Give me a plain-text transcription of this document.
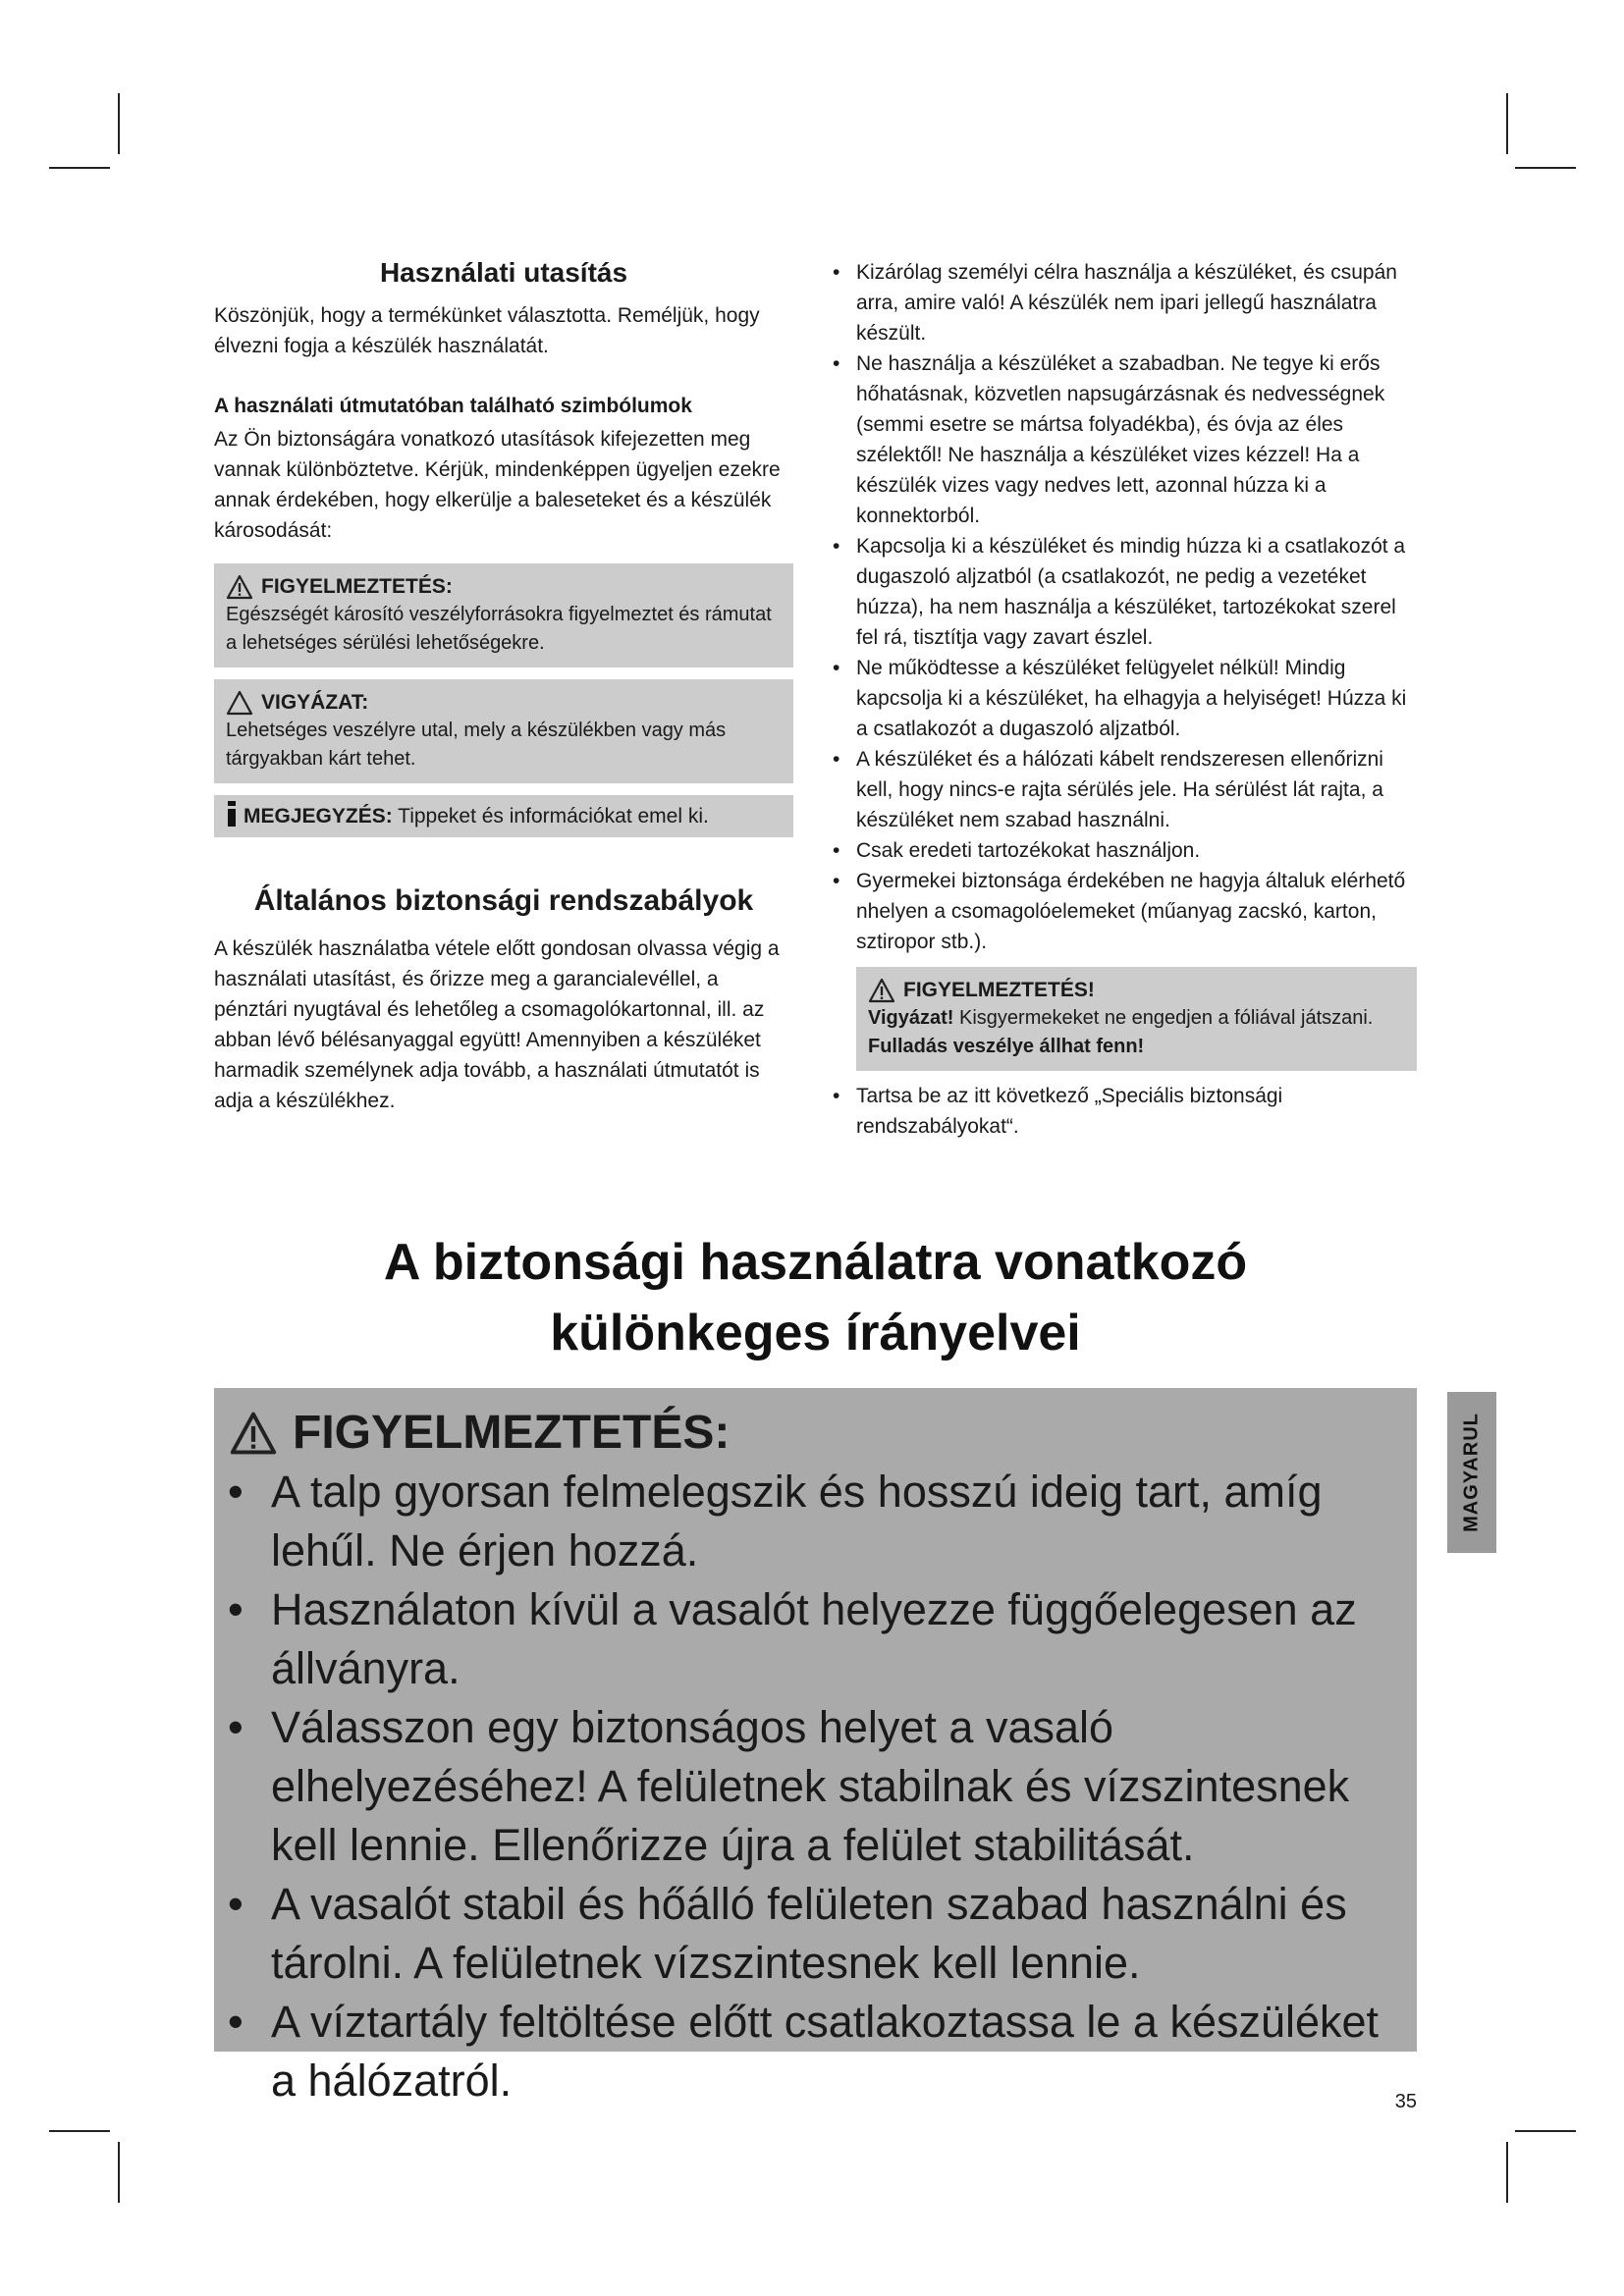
Használati utasítás

Köszönjük, hogy a termékünket választotta. Reméljük, hogy élvezni fogja a készülék használatát.

A használati útmutatóban található szimbólumok

Az Ön biztonságára vonatkozó utasítások kifejezetten meg vannak különböztetve. Kérjük, mindenképpen ügyeljen ezekre annak érdekében, hogy elkerülje a baleseteket és a készülék károsodását:

FIGYELMEZTETÉS:
Egészségét károsító veszélyforrásokra figyelmeztet és rámutat a lehetséges sérülési lehetőségekre.
VIGYÁZAT:
Lehetséges veszélyre utal, mely a készülékben vagy más tárgyakban kárt tehet.
MEGJEGYZÉS: Tippeket és információkat emel ki.
Általános biztonsági rendszabályok

A készülék használatba vétele előtt gondosan olvassa végig a használati utasítást, és őrizze meg a garancialevéllel, a pénztári nyugtával és lehetőleg a csomagolókartonnal, ill. az abban lévő bélésanyaggal együtt! Amennyiben a készüléket harmadik személynek adja tovább, a használati útmutatót is adja a készülékhez.

• Kizárólag személyi célra használja a készüléket, és csupán arra, amire való! A készülék nem ipari jellegű használatra készült.
• Ne használja a készüléket a szabadban. Ne tegye ki erős hőhatásnak, közvetlen napsugárzásnak és nedvességnek (semmi esetre se mártsa folyadékba), és óvja az éles szélektől! Ne használja a készüléket vizes kézzel! Ha a készülék vizes vagy nedves lett, azonnal húzza ki a konnektorból.
• Kapcsolja ki a készüléket és mindig húzza ki a csatlakozót a dugaszoló aljzatból (a csatlakozót, ne pedig a vezetéket húzza), ha nem használja a készüléket, tartozékokat szerel fel rá, tisztítja vagy zavart észlel.
• Ne működtesse a készüléket felügyelet nélkül! Mindig kapcsolja ki a készüléket, ha elhagyja a helyiséget! Húzza ki a csatlakozót a dugaszoló aljzatból.
• A készüléket és a hálózati kábelt rendszeresen ellenőrizni kell, hogy nincs-e rajta sérülés jele. Ha sérülést lát rajta, a készüléket nem szabad használni.
• Csak eredeti tartozékokat használjon.
• Gyermekei biztonsága érdekében ne hagyja általuk elérhető nhelyen a csomagolóelemeket (műanyag zacskó, karton, sztiropor stb.).
FIGYELMEZTETÉS!
Vigyázat! Kisgyermekeket ne engedjen a fóliával játszani. Fulladás veszélye állhat fenn!
• Tartsa be az itt következő „Speciális biztonsági rendszabályokat“.
A biztonsági használatra vonatkozó
különkeges írányelvei
FIGYELMEZTETÉS:
• A talp gyorsan felmelegszik és hosszú ideig tart, amíg lehűl. Ne érjen hozzá.
• Használaton kívül a vasalót helyezze függőelegesen az állványra.
• Válasszon egy biztonságos helyet a vasaló elhelyezéséhez! A felületnek stabilnak és vízszintesnek kell lennie. Ellenőrizze újra a felület stabilitását.
• A vasalót stabil és hőálló felületen szabad használni és tárolni. A felületnek vízszintesnek kell lennie.
• A víztartály feltöltése előtt csatlakoztassa le a készüléket a hálózatról.
MAGYARUL
35
